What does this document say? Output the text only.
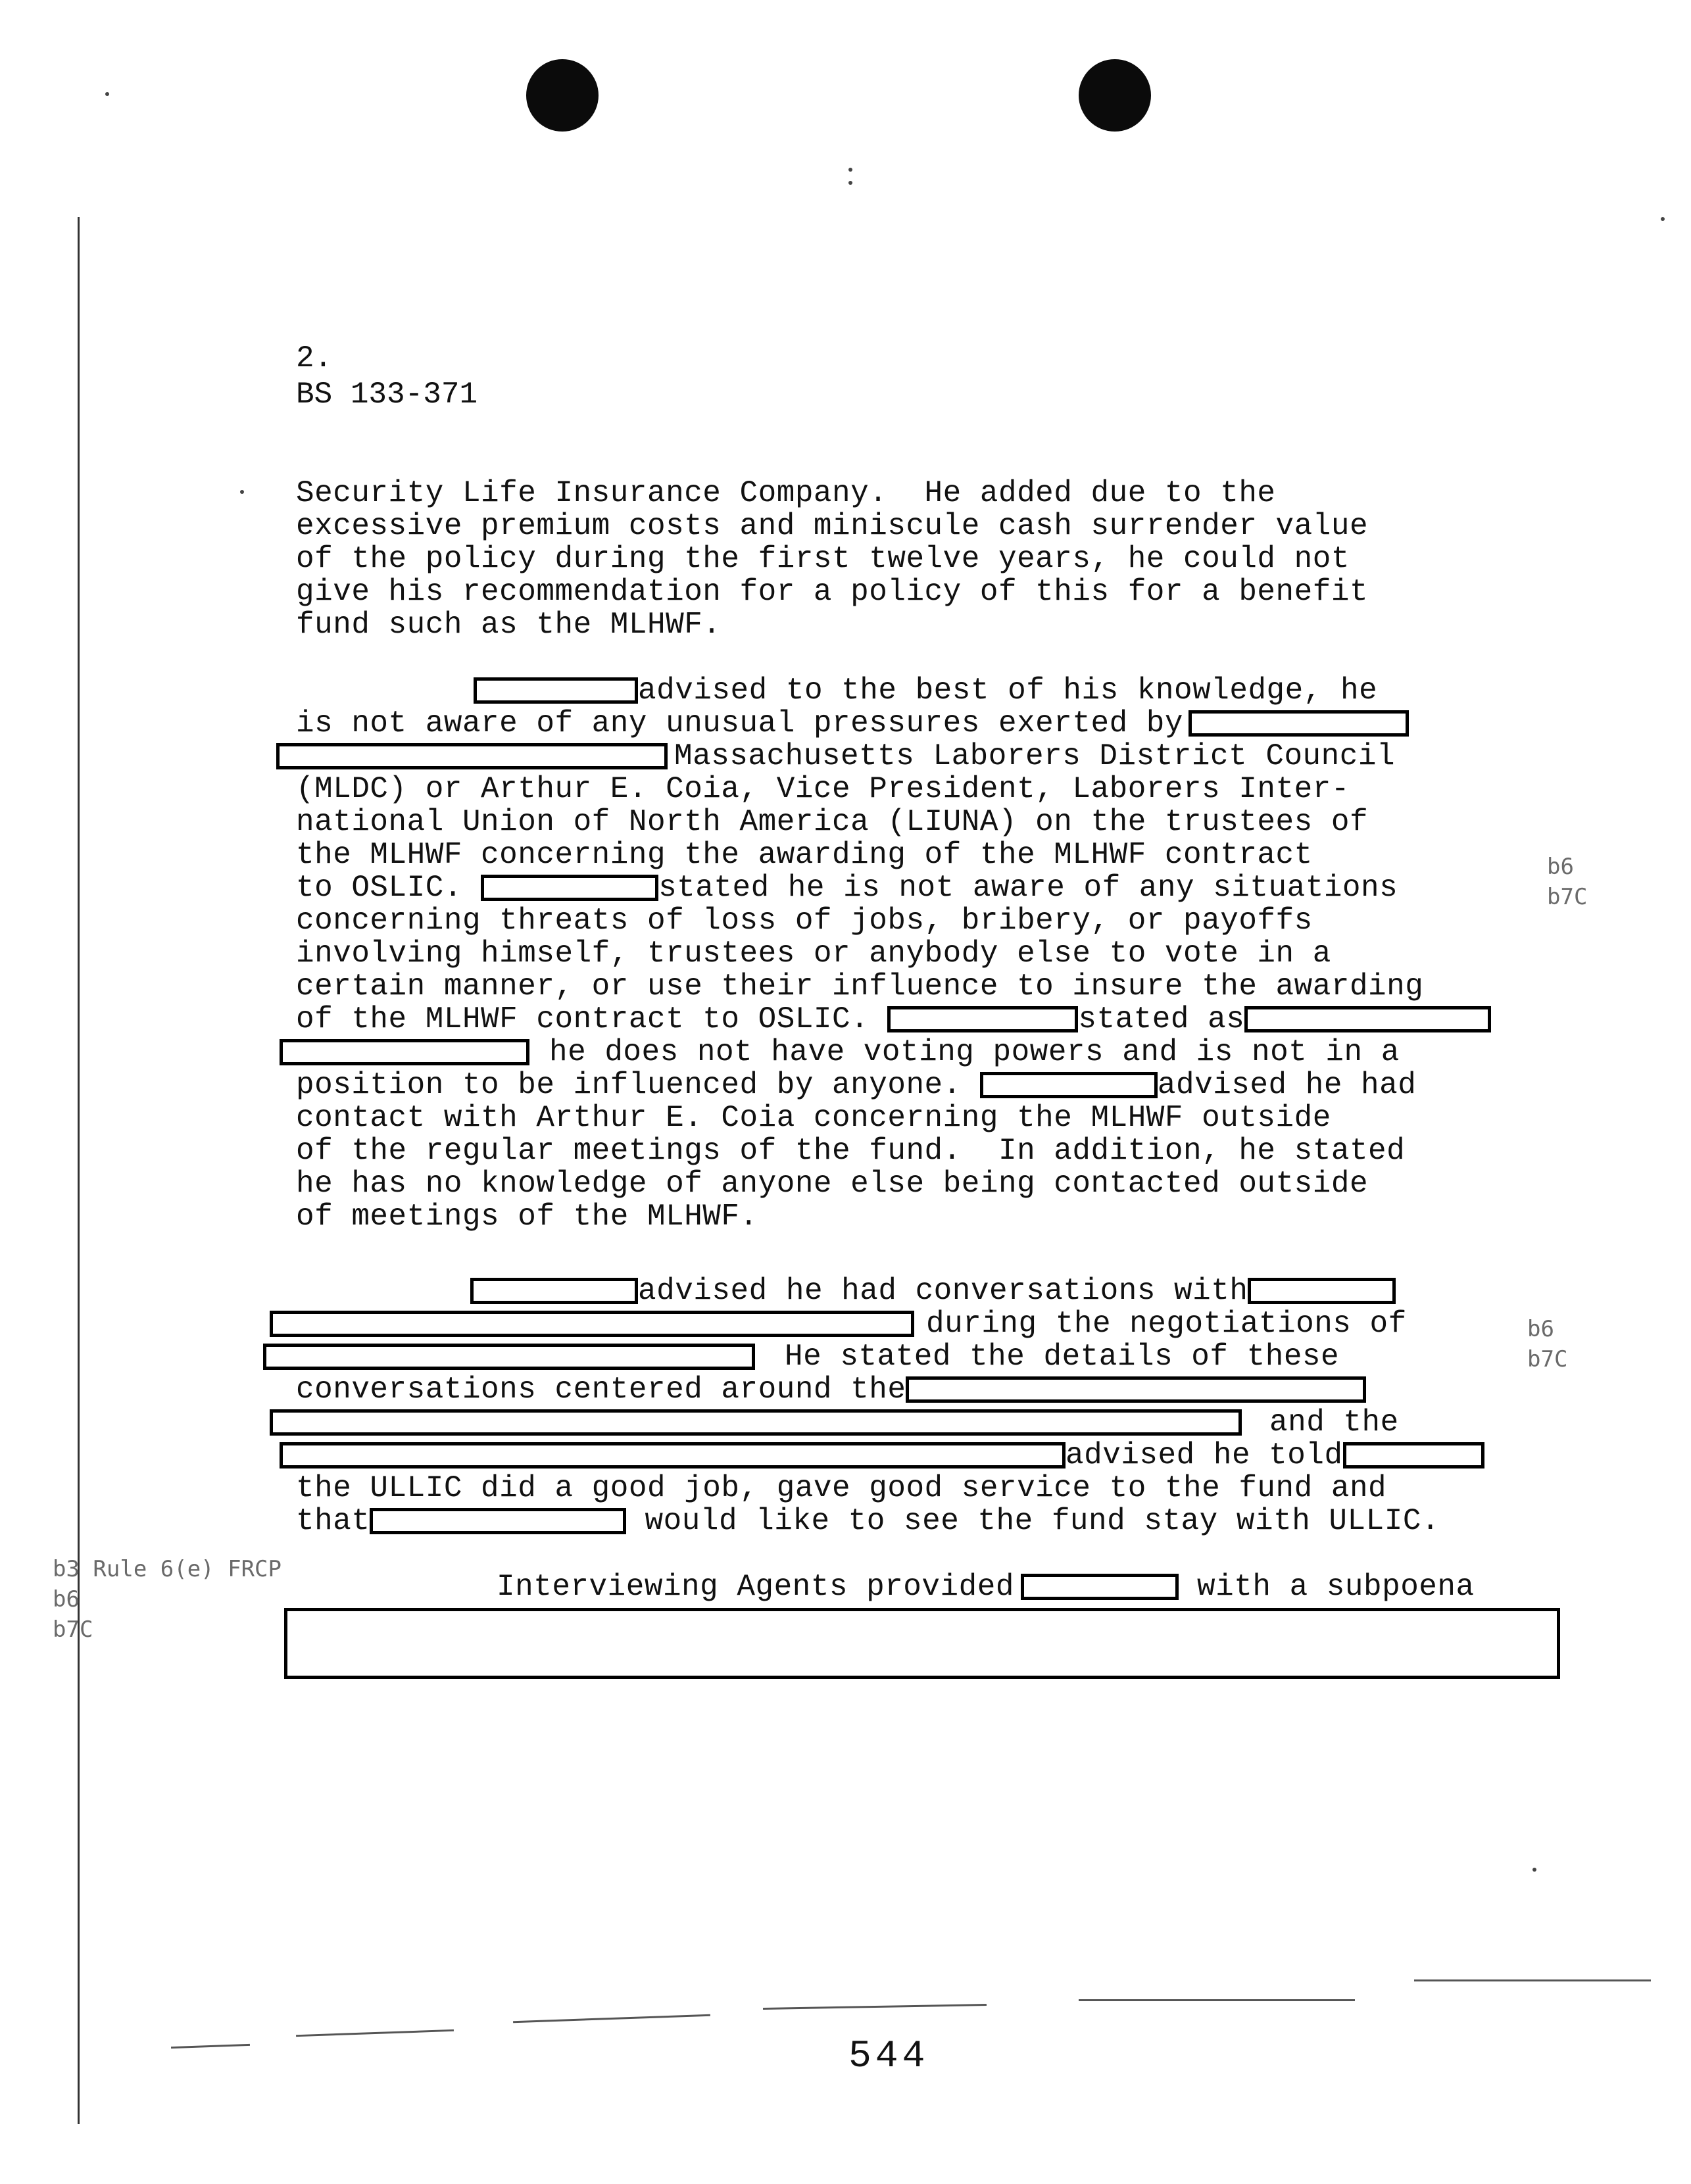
2.
BS 133-371
Security Life Insurance Company.  He added due to the
excessive premium costs and miniscule cash surrender value
of the policy during the first twelve years, he could not
give his recommendation for a policy of this for a benefit
fund such as the MLHWF.
advised to the best of his knowledge, he
is not aware of any unusual pressures exerted by
Massachusetts Laborers District Council
(MLDC) or Arthur E. Coia, Vice President, Laborers Inter-
national Union of North America (LIUNA) on the trustees of
the MLHWF concerning the awarding of the MLHWF contract
to OSLIC.	stated he is not aware of any situations
concerning threats of loss of jobs, bribery, or payoffs
involving himself, trustees or anybody else to vote in a
certain manner, or use their influence to insure the awarding
of the MLHWF contract to OSLIC.	stated as
he does not have voting powers and is not in a
position to be influenced by anyone.	advised he had
contact with Arthur E. Coia concerning the MLHWF outside
of the regular meetings of the fund.  In addition, he stated
he has no knowledge of anyone else being contacted outside
of meetings of the MLHWF.
advised he had conversations with
during the negotiations of
He stated the details of these
conversations centered around the
and the
advised he told
the ULLIC did a good job, gave good service to the fund and
that	would like to see the fund stay with ULLIC.
Interviewing Agents provided	with a subpoena
b6
b7C
b6
b7C
b3 Rule 6(e) FRCP
b6
b7C
544
